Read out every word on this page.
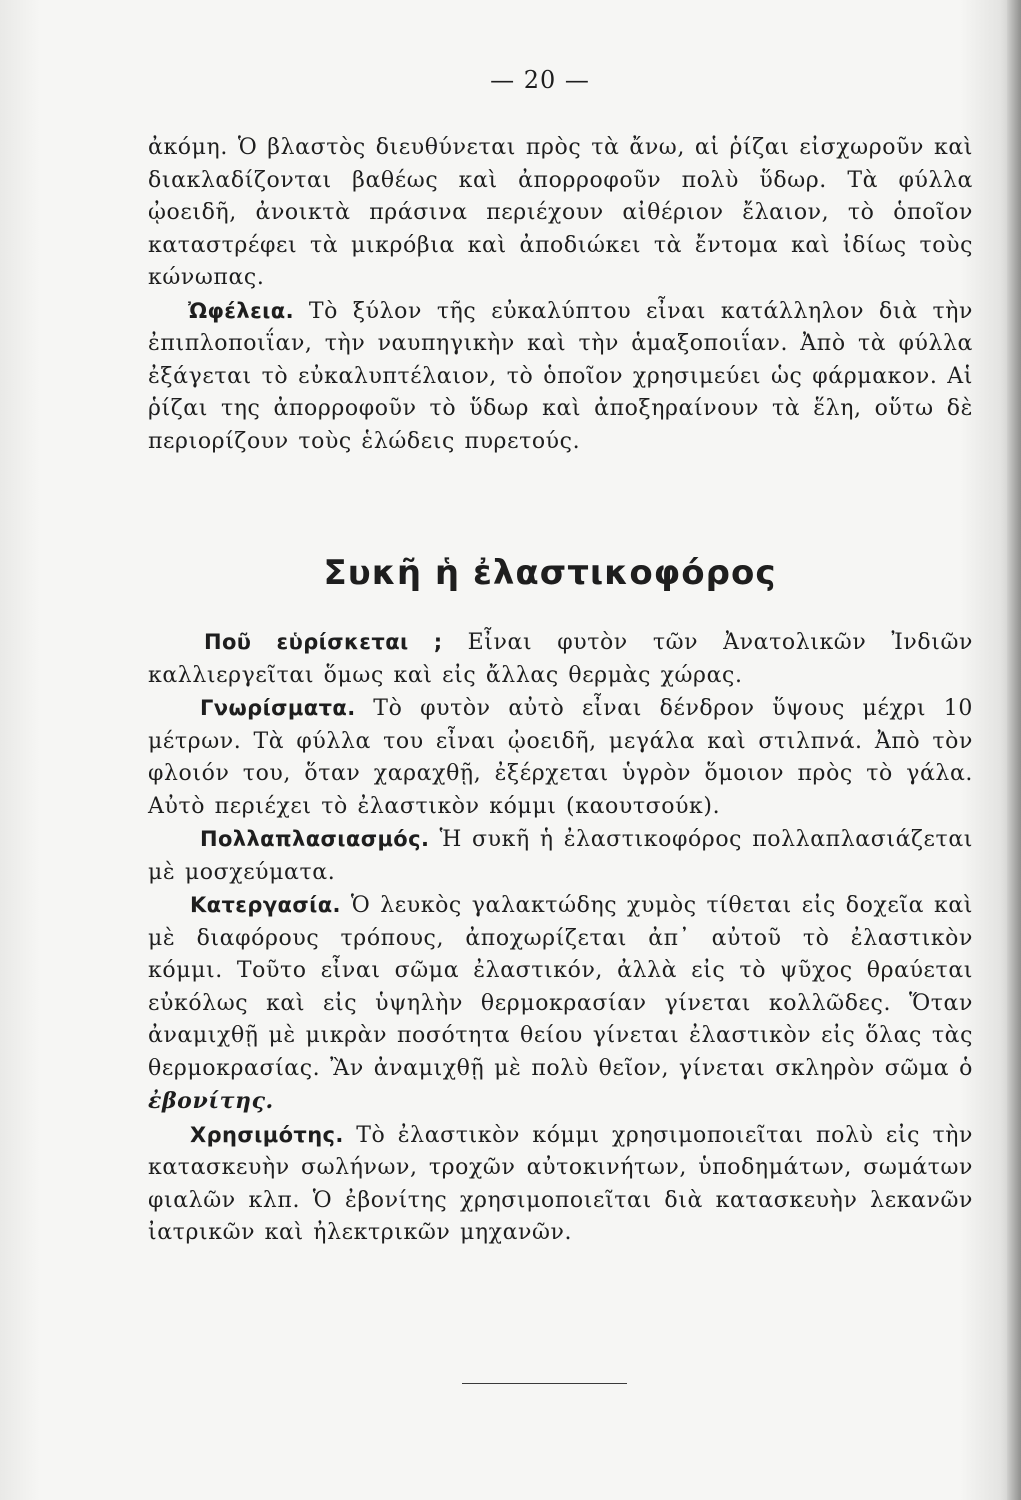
— 20 —

ἀκόμη. Ὁ βλαστὸς διευθύνεται πρὸς τὰ ἄνω, αἱ ῥίζαι εἰσχωροῦν καὶ διακλαδίζονται βαθέως καὶ ἀπορροφοῦν πολὺ ὕδωρ. Τὰ φύλλα ᾠοειδῆ, ἀνοικτὰ πράσινα περιέχουν αἰθέριον ἔλαιον, τὸ ὁποῖον καταστρέφει τὰ μικρόβια καὶ ἀποδιώκει τὰ ἔντομα καὶ ἰδίως τοὺς κώνωπας.

Ὠφέλεια. Τὸ ξύλον τῆς εὐκαλύπτου εἶναι κατάλληλον διὰ τὴν ἐπιπλοποιΐαν, τὴν ναυπηγικὴν καὶ τὴν ἁμαξοποιΐαν. Ἀπὸ τὰ φύλλα ἐξάγεται τὸ εὐκαλυπτέλαιον, τὸ ὁποῖον χρησιμεύει ὡς φάρμακον. Αἱ ῥίζαι της ἀπορροφοῦν τὸ ὕδωρ καὶ ἀποξηραίνουν τὰ ἕλη, οὕτω δὲ περιορίζουν τοὺς ἑλώδεις πυρετούς.

Συκῆ ἡ ἐλαστικοφόρος

Ποῦ εὑρίσκεται ; Εἶναι φυτὸν τῶν Ἀνατολικῶν Ἰνδιῶν καλλιεργεῖται ὅμως καὶ εἰς ἄλλας θερμὰς χώρας.

Γνωρίσματα. Τὸ φυτὸν αὐτὸ εἶναι δένδρον ὕψους μέχρι 10 μέτρων. Τὰ φύλλα του εἶναι ᾠοειδῆ, μεγάλα καὶ στιλπνά. Ἀπὸ τὸν φλοιόν του, ὅταν χαραχθῇ, ἐξέρχεται ὑγρὸν ὅμοιον πρὸς τὸ γάλα. Αὐτὸ περιέχει τὸ ἐλαστικὸν κόμμι (καουτσούκ).

Πολλαπλασιασμός. Ἡ συκῆ ἡ ἐλαστικοφόρος πολλαπλασιάζεται μὲ μοσχεύματα.

Κατεργασία. Ὁ λευκὸς γαλακτώδης χυμὸς τίθεται εἰς δοχεῖα καὶ μὲ διαφόρους τρόπους, ἀποχωρίζεται ἀπ᾿ αὐτοῦ τὸ ἐλαστικὸν κόμμι. Τοῦτο εἶναι σῶμα ἐλαστικόν, ἀλλὰ εἰς τὸ ψῦχος θραύεται εὐκόλως καὶ εἰς ὑψηλὴν θερμοκρασίαν γίνεται κολλῶδες. Ὅταν ἀναμιχθῇ μὲ μικρὰν ποσότητα θείου γίνεται ἐλαστικὸν εἰς ὅλας τὰς θερμοκρασίας. Ἂν ἀναμιχθῇ μὲ πολὺ θεῖον, γίνεται σκληρὸν σῶμα ὁ ἐβονίτης.

Χρησιμότης. Τὸ ἐλαστικὸν κόμμι χρησιμοποιεῖται πολὺ εἰς τὴν κατασκευὴν σωλήνων, τροχῶν αὐτοκινήτων, ὑποδημάτων, σωμάτων φιαλῶν κλπ. Ὁ ἐβονίτης χρησιμοποιεῖται διὰ κατασκευὴν λεκανῶν ἰατρικῶν καὶ ἠλεκτρικῶν μηχανῶν.
